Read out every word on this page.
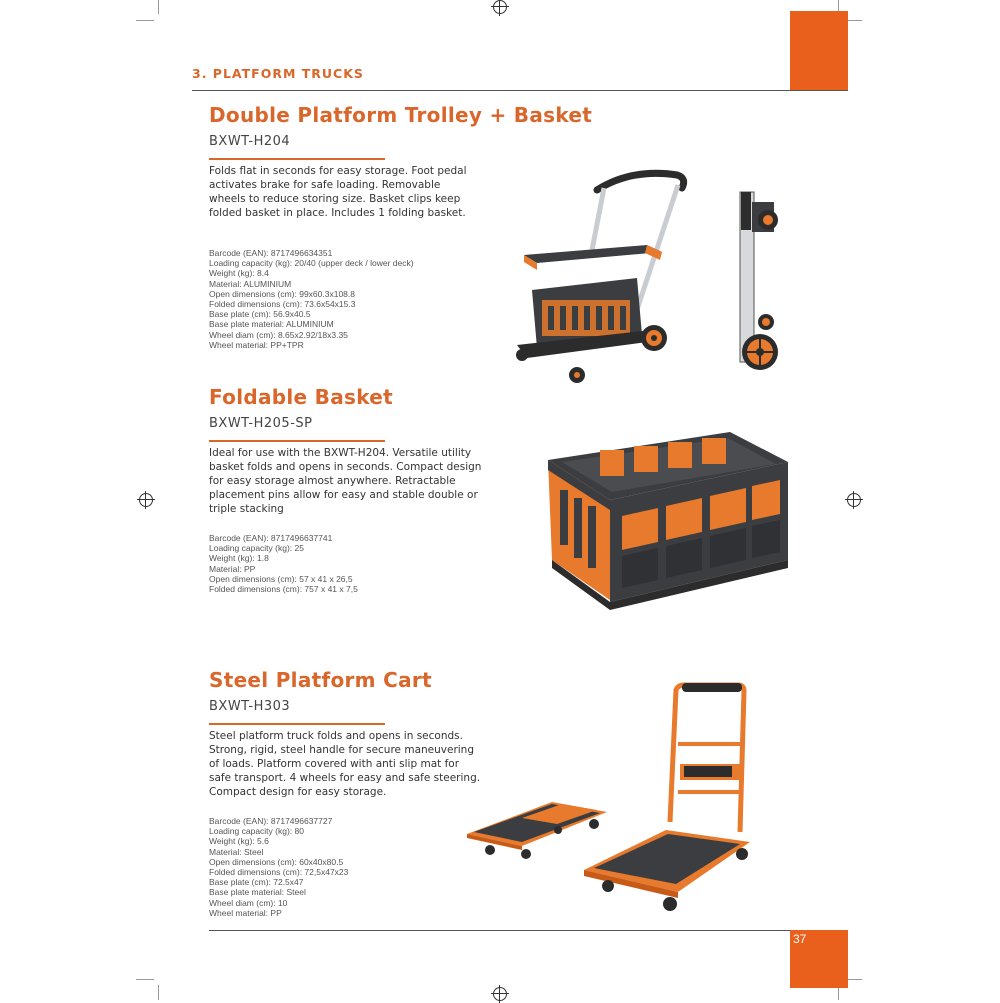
37
3. PLATFORM TRUCKS
Double Platform Trolley + Basket
BXWT-H204
Folds flat in seconds for easy storage. Foot pedal
activates brake for safe loading. Removable
wheels to reduce storing size. Basket clips keep
folded basket in place. Includes 1 folding basket.
Barcode (EAN): 8717496634351
Loading capacity (kg): 20/40 (upper deck / lower deck)
Weight (kg): 8.4
Material: ALUMINIUM
Open dimensions (cm): 99x60.3x108.8
Folded dimensions (cm): 73.6x54x15.3
Base plate (cm): 56.9x40.5
Base plate material: ALUMINIUM
Wheel diam (cm): 8.65x2.92/18x3.35
Wheel material: PP+TPR
Foldable Basket
BXWT-H205-SP
Ideal for use with the BXWT-H204. Versatile utility
basket folds and opens in seconds. Compact design
for easy storage almost anywhere. Retractable
placement pins allow for easy and stable double or
triple stacking
Barcode (EAN): 8717496637741
Loading capacity (kg): 25
Weight (kg): 1.8
Material: PP
Open dimensions (cm): 57 x 41 x 26,5
Folded dimensions (cm): 757 x 41 x 7,5
Steel Platform Cart
BXWT-H303
Steel platform truck folds and opens in seconds.
Strong, rigid, steel handle for secure maneuvering
of loads. Platform covered with anti slip mat for
safe transport. 4 wheels for easy and safe steering.
Compact design for easy storage.
Barcode (EAN): 8717496637727
Loading capacity (kg): 80
Weight (kg): 5.6
Material: Steel
Open dimensions (cm): 60x40x80.5
Folded dimensions (cm): 72,5x47x23
Base plate (cm): 72.5x47
Base plate material: Steel
Wheel diam (cm): 10
Wheel material: PP
